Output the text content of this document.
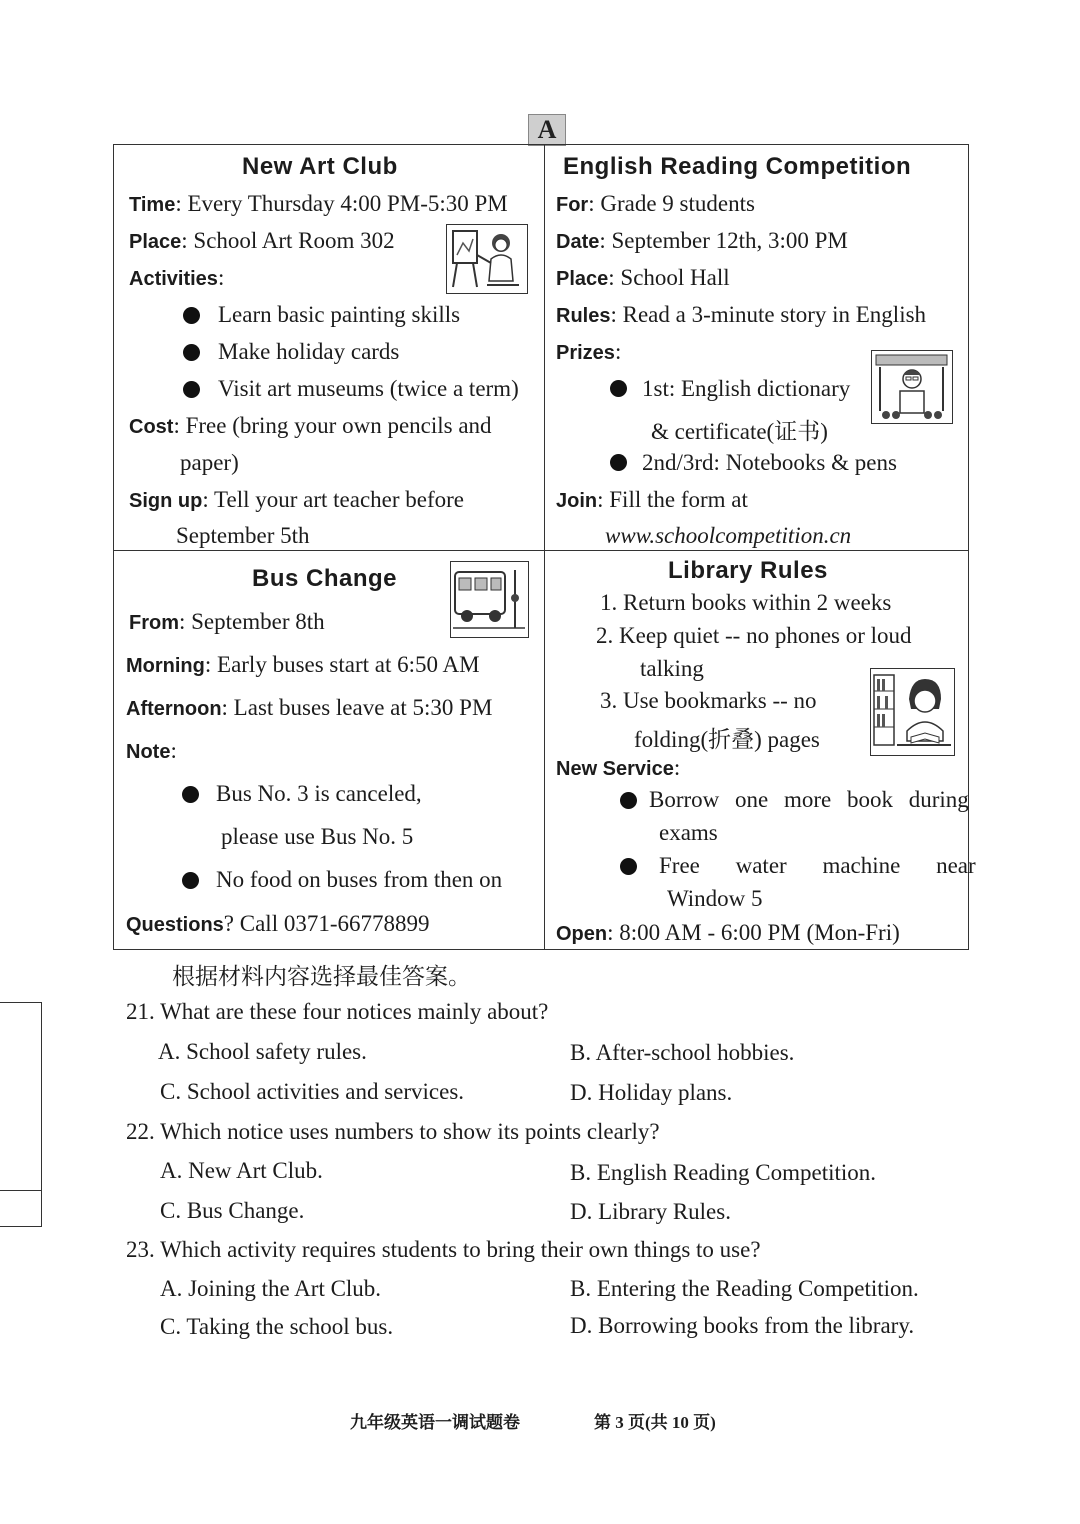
A
New Art Club
Time: Every Thursday 4:00 PM-5:30 PM
Place: School Art Room 302
Activities:
Learn basic painting skills
Make holiday cards
Visit art museums (twice a term)
Cost: Free (bring your own pencils and
paper)
Sign up: Tell your art teacher before
September 5th
English Reading Competition
For: Grade 9 students
Date: September 12th, 3:00 PM
Place: School Hall
Rules: Read a 3-minute story in English
Prizes:
1st: English dictionary
& certificate(证书)
2nd/3rd: Notebooks & pens
Join: Fill the form at
www.schoolcompetition.cn
Bus Change
From: September 8th
Morning: Early buses start at 6:50 AM
Afternoon: Last buses leave at 5:30 PM
Note:
Bus No. 3 is canceled,
please use Bus No. 5
No food on buses from then on
Questions? Call 0371-66778899
Library Rules
1. Return books within 2 weeks
2. Keep quiet -- no phones or loud
talking
3. Use bookmarks -- no
folding(折叠) pages
New Service:
Borrow one more book during
exams
Free water machine near
Window 5
Open: 8:00 AM - 6:00 PM (Mon-Fri)
根据材料内容选择最佳答案。
21. What are these four notices mainly about?
A. School safety rules.	B. After-school hobbies.
C. School activities and services.	D. Holiday plans.
22. Which notice uses numbers to show its points clearly?
A. New Art Club.	B. English Reading Competition.
C. Bus Change.	D. Library Rules.
23. Which activity requires students to bring their own things to use?
A. Joining the Art Club.	B. Entering the Reading Competition.
C. Taking the school bus.	D. Borrowing books from the library.
九年级英语一调试题卷	第 3 页(共 10 页)
